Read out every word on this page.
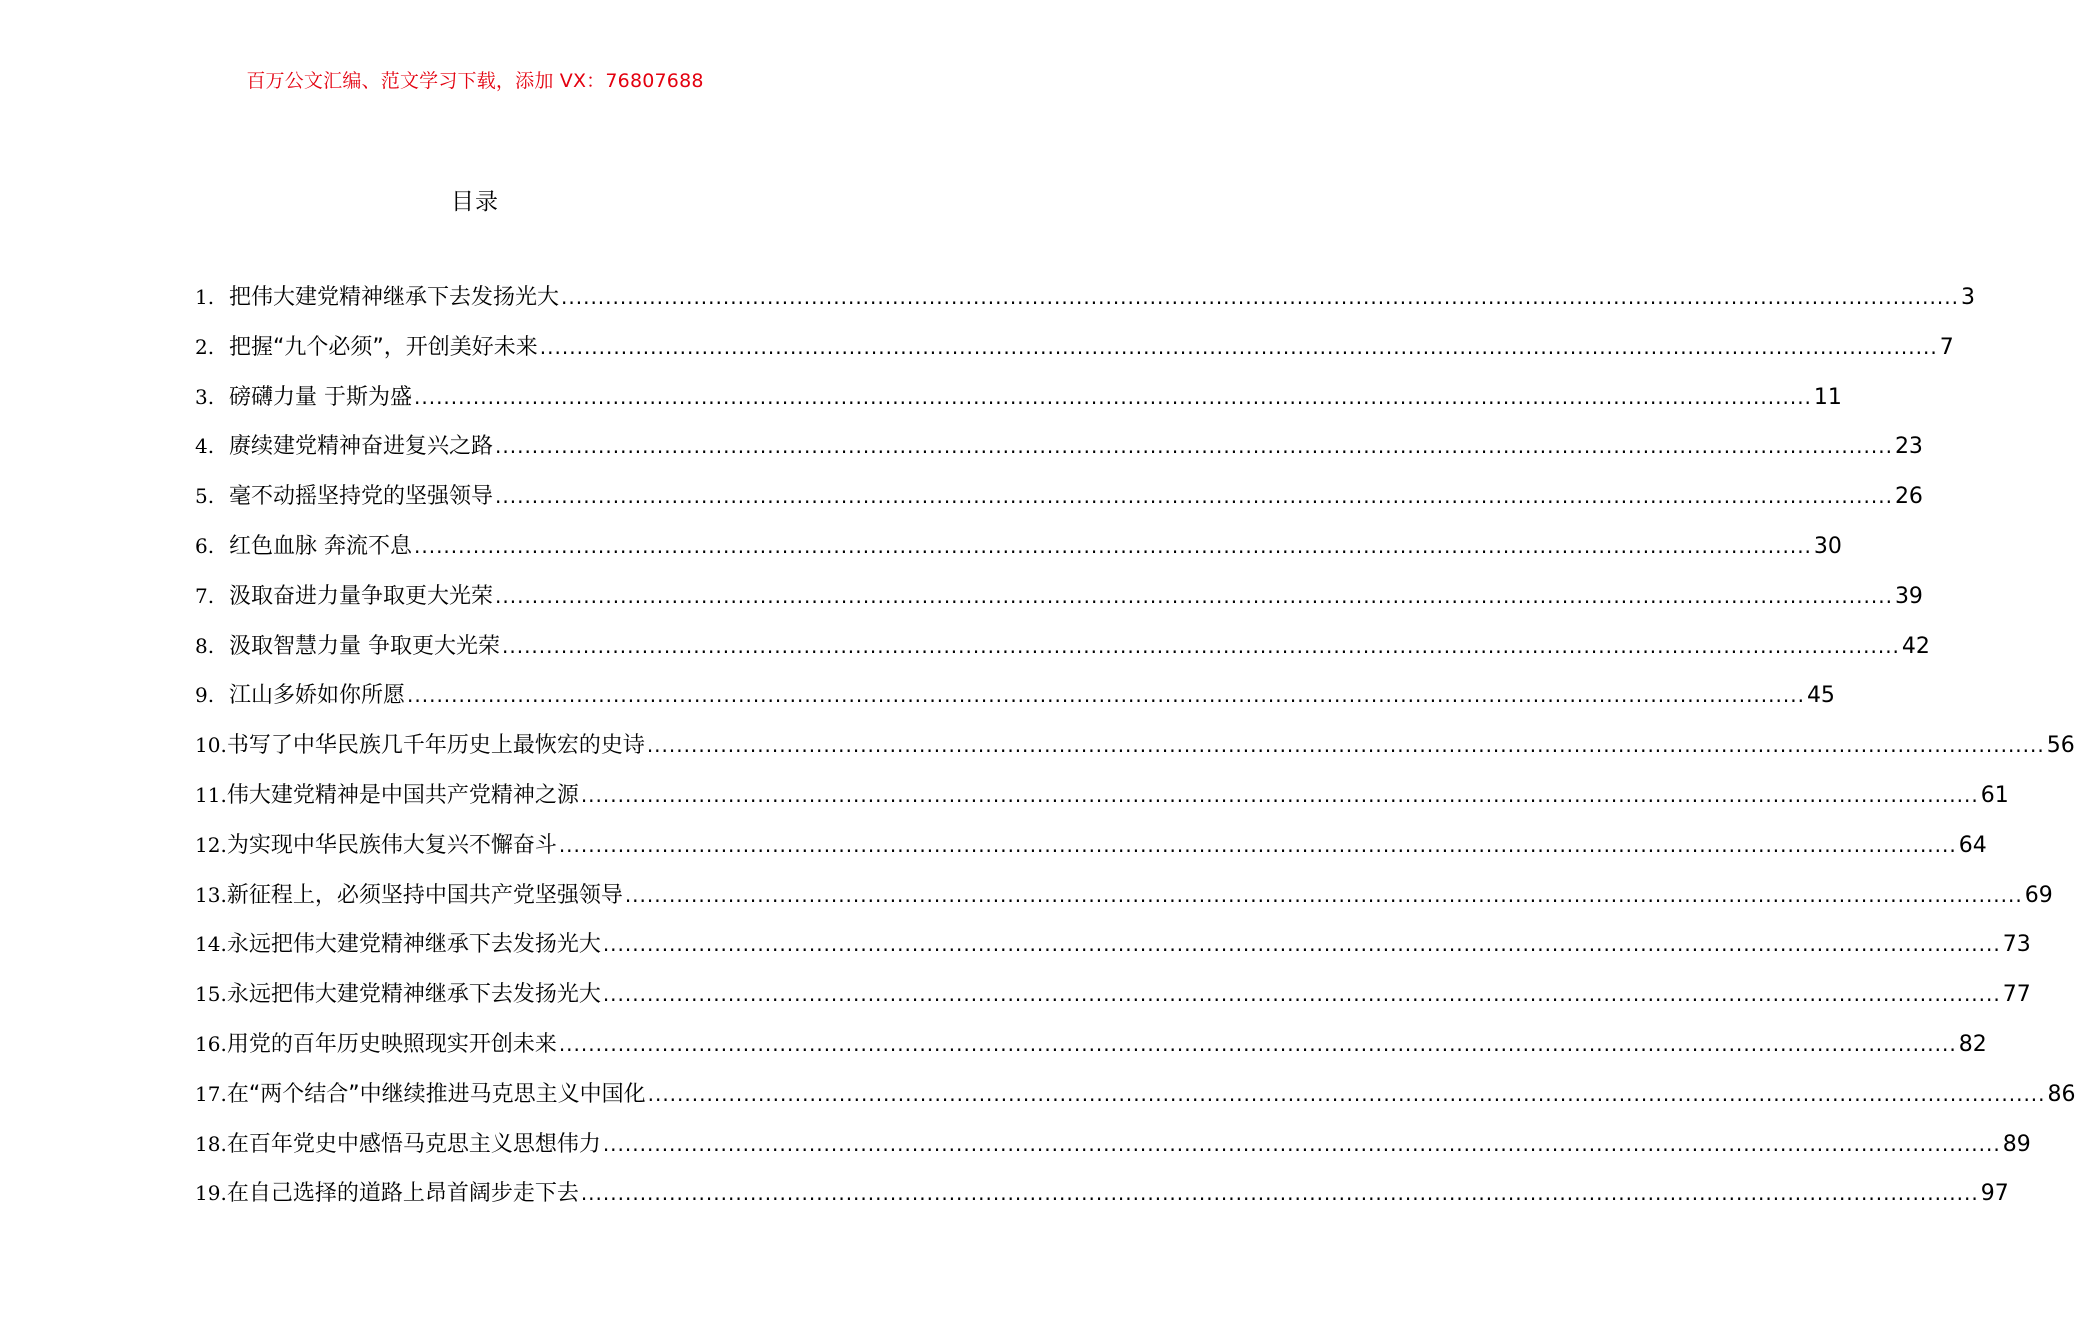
百万公文汇编、范文学习下载，添加 VX：76807688
目录
1. 把伟大建党精神继承下去发扬光大 .....	3
2. 把握“九个必须”，开创美好未来 .....	7
3. 磅礴力量 于斯为盛 .....	11
4. 赓续建党精神奋进复兴之路 .....	23
5. 毫不动摇坚持党的坚强领导 .....	26
6. 红色血脉 奔流不息 .....	30
7. 汲取奋进力量争取更大光荣 .....	39
8. 汲取智慧力量 争取更大光荣 .....	42
9. 江山多娇如你所愿 .....	45
10. 书写了中华民族几千年历史上最恢宏的史诗 .....	56
11. 伟大建党精神是中国共产党精神之源 .....	61
12. 为实现中华民族伟大复兴不懈奋斗 .....	64
13. 新征程上，必须坚持中国共产党坚强领导 .....	69
14. 永远把伟大建党精神继承下去发扬光大 .....	73
15. 永远把伟大建党精神继承下去发扬光大 .....	77
16. 用党的百年历史映照现实开创未来 .....	82
17. 在“两个结合”中继续推进马克思主义中国化 .....	86
18. 在百年党史中感悟马克思主义思想伟力 .....	89
19. 在自己选择的道路上昂首阔步走下去 .....	97
